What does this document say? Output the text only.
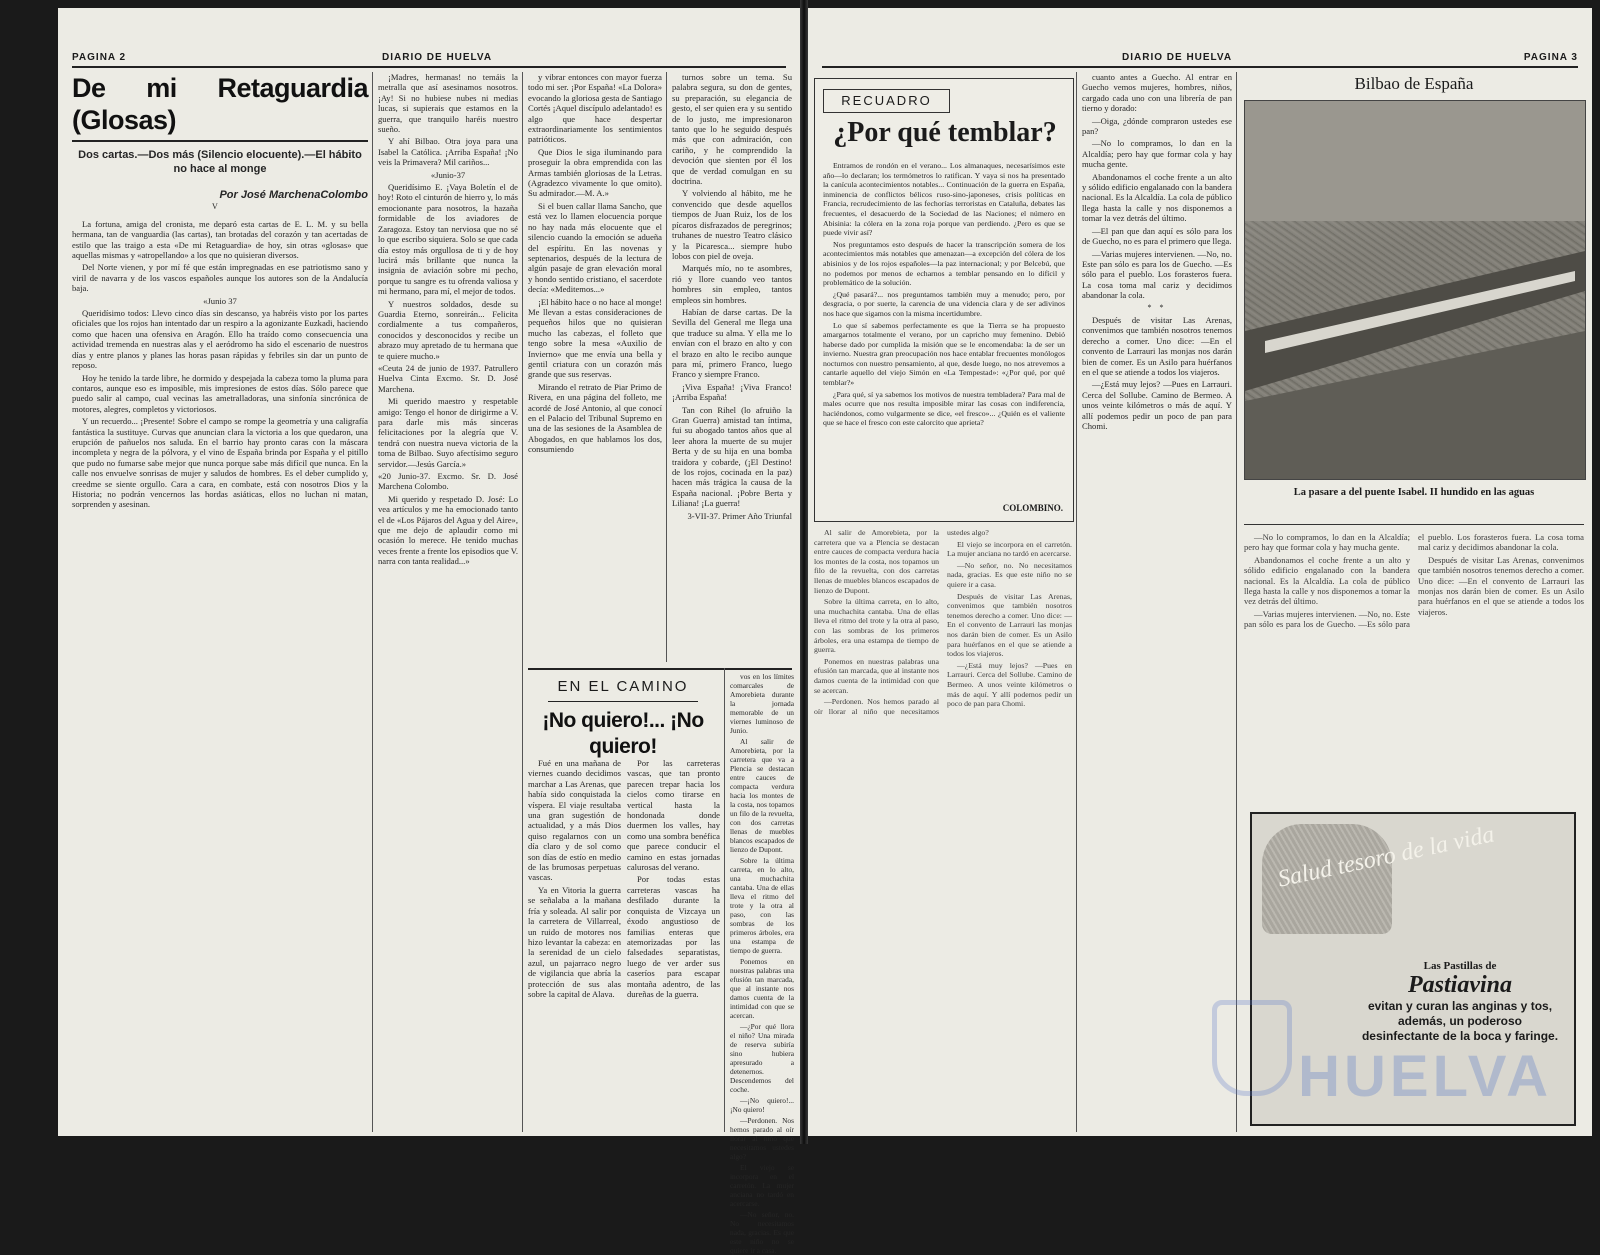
PAGINA 2	DIARIO DE HUELVA
De mi Retaguardia (Glosas)
Dos cartas.—Dos más (Silencio elocuente).—El hábito no hace al monge
Por José MarchenaColombo
V

La fortuna, amiga del cronista, me deparó esta cartas de E. L. M. y su bella hermana, tan de vanguardia (las cartas), tan brotadas del corazón y tan acertadas de estilo que las traigo a esta «De mi Retaguardia» de hoy, sin otras «glosas» que aquellas mismas y «atropellando» a los que no quisieran diversos.

Del Norte vienen, y por mí fé que están impregnadas en ese patriotismo sano y viril de navarra y de los vascos españoles aunque los autores son de la Andalucía baja.

«Junio 37

Queridísimo todos: Llevo cinco días sin descanso, ya habréis visto por los partes oficiales que los rojos han intentado dar un respiro a la agonizante Euzkadi, haciendo como que hacen una ofensiva en Aragón. Ello ha traído como consecuencia una actividad tremenda en nuestras alas y el aeródromo ha sido el escenario de nuestros días y entre planos y planes las horas pasan rápidas y febriles sin dar un punto de reposo.

Hoy he tenido la tarde libre, he dormido y despejada la cabeza tomo la pluma para contaros, aunque eso es imposible, mis impresiones de estos días. Sólo parece que puedo salir al campo, cual vecinas las ametralladoras, una sinfonía sincrónica de motores, alegres, completos y victoriosos.

Y un recuerdo... ¡Presente! Sobre el campo se rompe la geometría y una caligrafía fantástica la sustituye. Curvas que anuncian clara la victoria a los que quedaron, una erupción de pañuelos nos saluda. En el barrio hay pronto caras con la máscara incompleta y negra de la pólvora, y el vino de España brinda por España y el pitillo que pudo no fumarse sabe mejor que nunca porque sabe más difícil que nunca. En la calle nos envuelve sonrisas de mujer y saludos de hombres. Es el deber cumplido y, creedme se siente orgullo. Cara a cara, en combate, está con nosotros Dios y la Historia; no podrán vencernos las hordas asiáticas, ellos no luchan ni matan, sorprenden y asesinan.

¡Madres, hermanas! no temáis la metralla que así asesinamos nosotros. ¡Ay! Si no hubiese nubes ni medias lucas, si supierais que estamos en la guerra, que tranquilo haréis nuestro sueño.

Y ahí Bilbao. Otra joya para una Isabel la Católica. ¡Arriba España! ¡No veis la Primavera? Mil cariños...

«Junio-37

Queridísimo E. ¡Vaya Boletín el de hoy! Roto el cinturón de hierro y, lo más emocionante para nosotros, la hazaña formidable de los aviadores de Zaragoza. Estoy tan nerviosa que no sé lo que escribo siquiera. Solo se que cada día estoy más orgullosa de ti y de hoy lucirá más brillante que nunca la insignia de aviación sobre mi pecho, porque tu sangre es tu ofrenda valiosa y mi hermano, para mí, el mejor de todos.

Y nuestros soldados, desde su Guardia Eterno, sonreirán... Felicita cordialmente a tus compañeros, conocidos y desconocidos y recibe un abrazo muy apretado de tu hermana que te quiere mucho.»

«Ceuta 24 de junio de 1937. Patrullero Huelva Cinta Excmo. Sr. D. José Marchena.

Mi querido maestro y respetable amigo: Tengo el honor de dirigirme a V. para darle mis más sinceras felicitaciones por la alegría que V. tendrá con nuestra nueva victoria de la toma de Bilbao. Suyo afectísimo seguro servidor.—Jesús García.»

«20 Junio-37. Excmo. Sr. D. José Marchena Colombo.

Mi querido y respetado D. José: Lo vea artículos y me ha emocionado tanto el de «Los Pájaros del Agua y del Aire», que me dejo de aplaudir como mi ocasión lo merece. He tenido muchas veces frente a frente los episodios que V. narra con tanta realidad...»

y vibrar entonces con mayor fuerza todo mi ser. ¡Por España! «La Dolora» evocando la gloriosa gesta de Santiago Cortés ¡Aquel discípulo adelantado! es algo que hace despertar extraordinariamente los sentimientos patrióticos.

Que Dios le siga iluminando para proseguir la obra emprendida con las Armas también gloriosas de la Letras. (Agradezco vivamente lo que omito). Su admirador.—M. A.»

Si el buen callar llama Sancho, que está vez lo llamen elocuencia porque no hay nada más elocuente que el silencio cuando la emoción se adueña del espíritu. En las novenas y septenarios, después de la lectura de algún pasaje de gran elevación moral y hondo sentido cristiano, el sacerdote decía: «Meditemos...»

¡El hábito hace o no hace al monge! Me llevan a estas consideraciones de pequeños hilos que no quisieran mucho las cabezas, el folleto que tengo sobre la mesa «Auxilio de Invierno» que me envía una bella y gentil criatura con un corazón más grande que sus reservas.

Mirando el retrato de Piar Primo de Rivera, en una página del folleto, me acordé de José Antonio, al que conocí en el Palacio del Tribunal Supremo en una de las sesiones de la Asamblea de Abogados, en que hablamos los dos, consumiendo

turnos sobre un tema. Su palabra segura, su don de gentes, su preparación, su elegancia de gesto, el ser quien era y su sentido de lo justo, me impresionaron tanto que lo he seguido después más que con admiración, con cariño, y he comprendido la devoción que sienten por él los que de verdad comulgan en su doctrina.

Y volviendo al hábito, me he convencido que desde aquellos tiempos de Juan Ruiz, los de los pícaros disfrazados de peregrinos; truhanes de nuestro Teatro clásico y la Picaresca... siempre hubo lobos con piel de oveja.

Marqués mío, no te asombres, rió y llore cuando veo tantos hombres sin empleo, tantos empleos sin hombres.

Habían de darse cartas. De la Sevilla del General me llega una que traduce su alma. Y ella me lo envían con el brazo en alto y con el brazo en alto le recibo aunque para mí, primero Franco, luego Franco y siempre Franco.

¡Viva España! ¡Viva Franco! ¡Arriba España!

Tan con Rihel (lo afruiño la Gran Guerra) amistad tan íntima, fui su abogado tantos años que al leer ahora la muerte de su mujer Berta y de su hija en una bomba traidora y cobarde, (¡El Destino! de los rojos, cocinada en la paz) hacen más trágica la causa de la España nacional. ¡Pobre Berta y Liliana! ¡La guerra!

3-VII-37. Primer Año Triunfal

EN EL CAMINO
¡No quiero!... ¡No quiero!

Fué en una mañana de viernes cuando decidimos marchar a Las Arenas, que había sido conquistada la víspera. El viaje resultaba una gran sugestión de actualidad, y a más Dios quiso regalarnos con un día claro y de sol como son días de estío en medio de las brumosas perpetuas vascas.

Ya en Vitoria la guerra se señalaba a la mañana fría y soleada. Al salir por la carretera de Villarreal, un ruido de motores nos hizo levantar la cabeza: en la serenidad de un cielo azul, un pajarraco negro de vigilancia que abría la protección de sus alas sobre la capital de Alava.

Por las carreteras vascas, que tan pronto parecen trepar hacia los cielos como tirarse en vertical hasta la hondonada donde duermen los valles, hay como una sombra benéfica que parece conducir el camino en estas jornadas calurosas del verano.

Por todas estas carreteras vascas ha desfilado durante la conquista de Vizcaya un éxodo angustioso de familias enteras que atemorizadas por las falsedades separatistas, luego de ver arder sus caseríos para escapar montaña adentro, de las dureñas de la guerra.

vos en los límites comarcales de Amorebieta durante la jornada memorable de un viernes luminoso de Junio.

Al salir de Amorebieta, por la carretera que va a Plencia se destacan entre cauces de compacta verdura hacia los montes de la costa, nos topamos un filo de la revuelta, con dos carretas llenas de muebles blancos escapados de lienzo de Dupont.

Sobre la última carreta, en lo alto, una muchachita cantaba. Una de ellas lleva el ritmo del trote y la otra al paso, con las sombras de los primeros árboles, era una estampa de tiempo de guerra.

Ponemos en nuestras palabras una efusión tan marcada, que al instante nos damos cuenta de la intimidad con que se acercan.

—¿Por qué llora el niño? Una mirada de reserva subiría sino hubiera apresurado a detenernos. Descendemos del coche.

—¡No quiero!... ¡No quiero!

—Perdonen. Nos hemos parado al oír llorar al niño que necesitamos ustedes algo?

El viejo se incorpora en el carretón. La mujer anciana no tardó en acercarse.

—No señor, no. No necesitamos nada, gracias. Es que este niño no se quiere ir a casa.

DIARIO DE HUELVA	PAGINA 3
RECUADRO
¿Por qué temblar?

Entramos de rondón en el verano... Los almanaques, necesarísimos este año—lo declaran; los termómetros lo ratifican. Y vaya si nos ha presentado la canícula acontecimientos notables... Continuación de la guerra en España, inminencia de conflictos bélicos ruso-sino-japoneses, crisis políticas en Francia, recrudecimiento de las fechorías terroristas en Cataluña, debates las frecuentes, el desacuerdo de la Sociedad de las Naciones; el número en Abisinia: la cólera en la zona roja porque van perdiendo. ¿Pero es que se puede vivir así?

Nos preguntamos esto después de hacer la transcripción somera de los acontecimientos más notables que amenazan—a excepción del cólera de los abisinios y de los rojos españoles—la paz internacional; y por Belcebú, que no podemos por menos de echarnos a temblar pensando en lo difícil y problemático de la solución.

¿Qué pasará?... nos preguntamos también muy a menudo; pero, por desgracia, o por suerte, la carencia de una videncia clara y de ser adivinos nos hace que sigamos con la misma incertidumbre.

Lo que sí sabemos perfectamente es que la Tierra se ha propuesto amargarnos totalmente el verano, por un capricho muy femenino. Debió haberse dado por cumplida la misión que se le encomendaba: la de ser un invierno. Nuestra gran preocupación nos hace entablar frecuentes monólogos nocturnos con nuestro pensamiento, al que, desde luego, no nos atrevemos a cantarle aquello del viejo Simón en «La Tempestad»: «¿Por qué, por qué temblar?»

¿Para qué, sí ya sabemos los motivos de nuestra tembladera? Para mal de males ocurre que nos resulta imposible mirar las cosas con indiferencia, haciéndonos, como vulgarmente se dice, «el fresco»... ¿Quién es el valiente que se hace el fresco con este calorcito que aprieta?

COLOMBINO.

Al salir de Amorebieta, por la carretera que va a Plencia se destacan entre cauces de compacta verdura hacia los montes de la costa, nos topamos un filo de la revuelta, con dos carretas llenas de muebles blancos escapados de lienzo de Dupont.

Sobre la última carreta, en lo alto, una muchachita cantaba. Una de ellas lleva el ritmo del trote y la otra al paso, con las sombras de los primeros árboles, era una estampa de tiempo de guerra.

Ponemos en nuestras palabras una efusión tan marcada, que al instante nos damos cuenta de la intimidad con que se acercan.

—Perdonen. Nos hemos parado al oír llorar al niño que necesitamos ustedes algo?

El viejo se incorpora en el carretón. La mujer anciana no tardó en acercarse.

—No señor, no. No necesitamos nada, gracias. Es que este niño no se quiere ir a casa.

Después de visitar Las Arenas, convenimos que también nosotros tenemos derecho a comer. Uno dice: —En el convento de Larrauri las monjas nos darán bien de comer. Es un Asilo para huérfanos en el que se atiende a todos los viajeros.

—¿Está muy lejos? —Pues en Larrauri. Cerca del Sollube. Camino de Bermeo. A unos veinte kilómetros o más de aquí. Y allí podemos pedir un poco de pan para Chomi.

cuanto antes a Guecho. Al entrar en Guecho vemos mujeres, hombres, niños, cargado cada uno con una librería de pan tierno y dorado:

—Oiga, ¿dónde compraron ustedes ese pan?

—No lo compramos, lo dan en la Alcaldía; pero hay que formar cola y hay mucha gente.

Abandonamos el coche frente a un alto y sólido edificio engalanado con la bandera nacional. Es la Alcaldía. La cola de público llega hasta la calle y nos disponemos a tomar la vez detrás del último.

—El pan que dan aquí es sólo para los de Guecho, no es para el primero que llega.

—Varias mujeres intervienen. —No, no. Este pan sólo es para los de Guecho. —Es sólo para el pueblo. Los forasteros fuera. La cosa toma mal cariz y decidimos abandonar la cola.

* *

Después de visitar Las Arenas, convenimos que también nosotros tenemos derecho a comer. Uno dice: —En el convento de Larrauri las monjas nos darán bien de comer. Es un Asilo para huérfanos en el que se atiende a todos los viajeros.

—¿Está muy lejos? —Pues en Larrauri. Cerca del Sollube. Camino de Bermeo. A unos veinte kilómetros o más de aquí. Y allí podemos pedir un poco de pan para Chomi.

Bilbao de España
La pasare a del puente Isabel. II hundido en las aguas

—No lo compramos, lo dan en la Alcaldía; pero hay que formar cola y hay mucha gente.

Abandonamos el coche frente a un alto y sólido edificio engalanado con la bandera nacional. Es la Alcaldía. La cola de público llega hasta la calle y nos disponemos a tomar la vez detrás del último.

—Varias mujeres intervienen. —No, no. Este pan sólo es para los de Guecho. —Es sólo para el pueblo. Los forasteros fuera. La cosa toma mal cariz y decidimos abandonar la cola.

Después de visitar Las Arenas, convenimos que también nosotros tenemos derecho a comer. Uno dice: —En el convento de Larrauri las monjas nos darán bien de comer. Es un Asilo para huérfanos en el que se atiende a todos los viajeros.

Salud tesoro de la vida
Las Pastillas de
Pastiavina
evitan y curan las anginas y tos, además, un poderoso desinfectante de la boca y faringe.
HUELVA
